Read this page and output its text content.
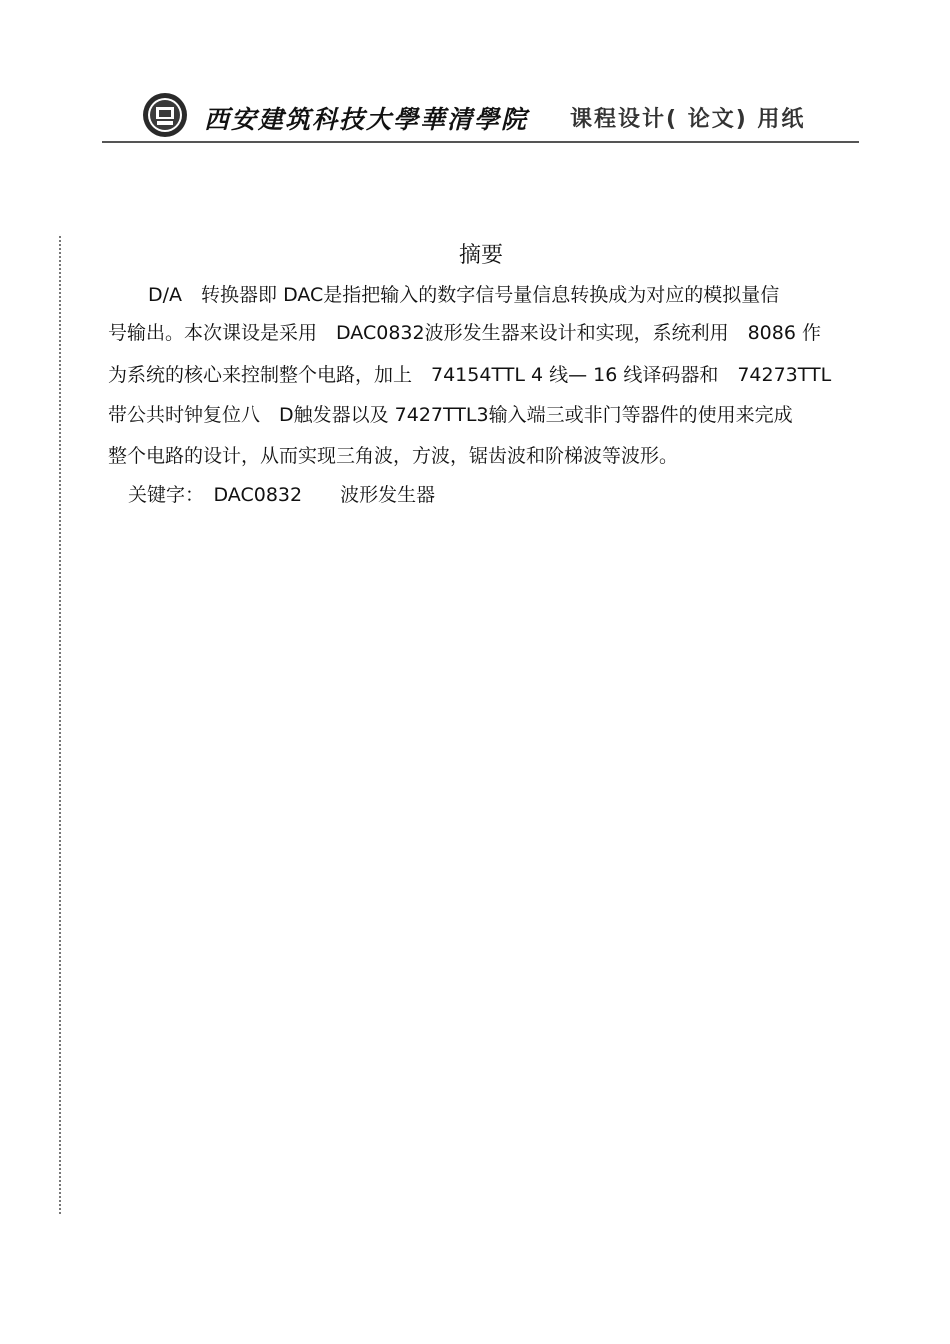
西安建筑科技大學華清學院 课程设计( 论文) 用纸
摘要
D/A　转换器即 DAC是指把输入的数字信号量信息转换成为对应的模拟量信
号输出。本次课设是采用　DAC0832波形发生器来设计和实现，系统利用　8086 作
为系统的核心来控制整个电路，加上　74154TTL 4 线— 16 线译码器和　74273TTL
带公共时钟复位八　D触发器以及 7427TTL3输入端三或非门等器件的使用来完成
整个电路的设计，从而实现三角波，方波，锯齿波和阶梯波等波形。
关键字：　DAC0832　　波形发生器
